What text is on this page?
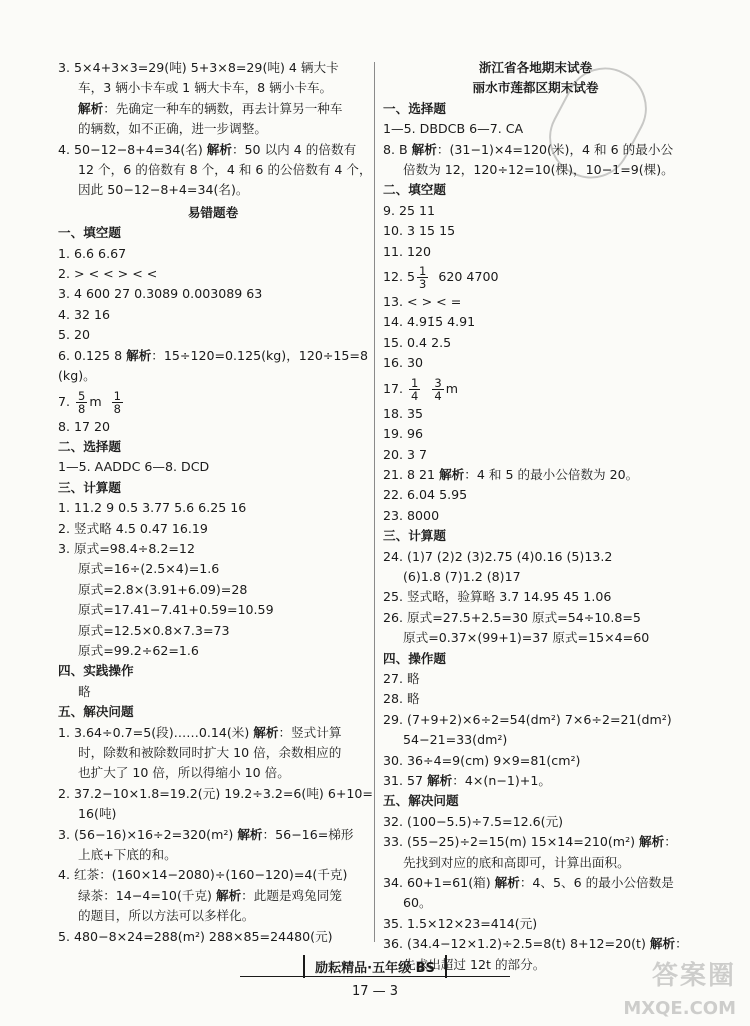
3. 5×4+3×3=29(吨) 5+3×8=29(吨) 4 辆大卡
车，3 辆小卡车或 1 辆大卡车，8 辆小卡车。
解析：先确定一种车的辆数，再去计算另一种车
的辆数，如不正确，进一步调整。
4. 50−12−8+4=34(名) 解析：50 以内 4 的倍数有
12 个，6 的倍数有 8 个，4 和 6 的公倍数有 4 个，
因此 50−12−8+4=34(名)。
易错题卷
一、填空题
1. 6.6̇ 6.67
2. > < < > < <
3. 4 600 27 0.3089 0.003089 63
4. 32 16
5. 20
6. 0.125 8 解析：15÷120=0.125(kg)，120÷15=8
(kg)。
7. $\frac{5}{8}$ m $\frac{1}{8}$
8. 17 20
二、选择题
1—5. AADDC 6—8. DCD
三、计算题
1. 11.2 9 0.5 3.77 5.6 6.25 16
2. 竖式略 4.5 0.47 16.19
3. 原式=98.4÷8.2=12
原式=16÷(2.5×4)=1.6
原式=2.8×(3.91+6.09)=28
原式=17.41−7.41+0.59=10.59
原式=12.5×0.8×7.3=73
原式=99.2÷62=1.6
四、实践操作
略
五、解决问题
1. 3.64÷0.7=5(段)……0.14(米) 解析：竖式计算
时，除数和被除数同时扩大 10 倍，余数相应的
也扩大了 10 倍，所以得缩小 10 倍。
2. 37.2−10×1.8=19.2(元) 19.2÷3.2=6(吨) 6+10=
16(吨)
3. (56−16)×16÷2=320(m²) 解析：56−16=梯形
上底+下底的和。
4. 红茶：(160×14−2080)÷(160−120)=4(千克)
绿茶：14−4=10(千克) 解析：此题是鸡兔同笼
的题目，所以方法可以多样化。
5. 480−8×24=288(m²) 288×85=24480(元)
浙江省各地期末试卷
丽水市莲都区期末试卷
一、选择题
1—5. DBDCB 6—7. CA
8. B 解析：(31−1)×4=120(米)，4 和 6 的最小公
倍数为 12，120÷12=10(棵)，10−1=9(棵)。
二、填空题
9. 25 11
10. 3 15 15
11. 120
12. $5 \frac{1}{3} 620$ 4700
13. < > < =
14. 4.91̇5̇ 4.91
15. 0.4 2.5
16. 30
17. $\frac{1}{4}$
$\frac{3}{4}$ m
18. 35
19. 96
20. 3 7
21. 8 21 解析：4 和 5 的最小公倍数为 20。
22. 6.04 5.95
23. 8000
三、计算题
24. (1)7 (2)2 (3)2.75 (4)0.16 (5)13.2
(6)1.8 (7)1.2 (8)17
25. 竖式略，验算略 3.7 14.95 45 1.06
26. 原式=27.5+2.5=30 原式=54÷10.8=5
原式=0.37×(99+1)=37 原式=15×4=60
四、操作题
27. 略
28. 略
29. (7+9+2)×6÷2=54(dm²) 7×6÷2=21(dm²)
54−21=33(dm²)
30. 36÷4=9(cm) 9×9=81(cm²)
31. 57 解析：4×(n−1)+1。
五、解决问题
32. (100−5.5)÷7.5=12.6(元)
33. (55−25)÷2=15(m) 15×14=210(m²) 解析：
先找到对应的底和高即可，计算出面积。
34. 60+1=61(箱) 解析：4、5、6 的最小公倍数是
60。
35. 1.5×12×23=414(元)
36. (34.4−12×1.2)÷2.5=8(t) 8+12=20(t) 解析：
先求出超过 12t 的部分。
励耘精品·五年级 BS
17 — 3
答案圈
MXQE.COM
